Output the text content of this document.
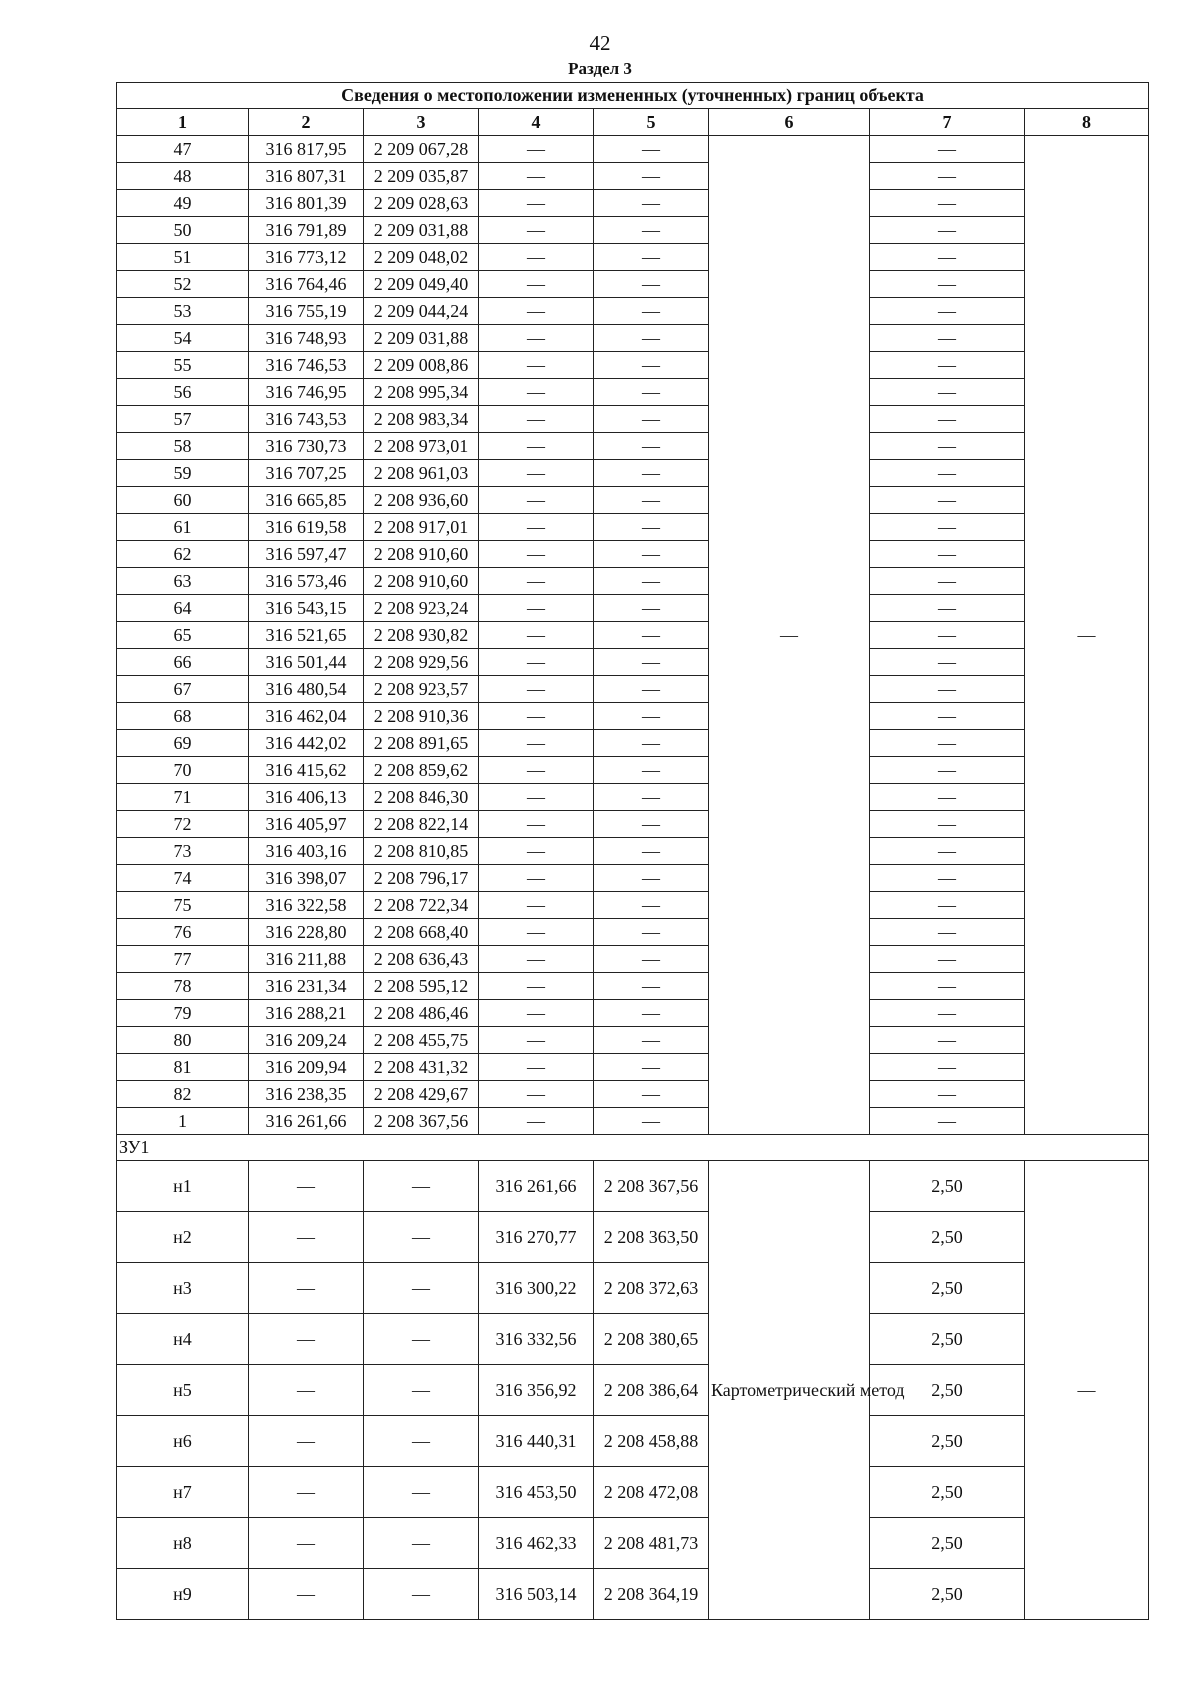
42
Раздел 3
Сведения о местоположении измененных (уточненных) границ объекта							
1	2	3	4	5	6	7	8
47	316 817,95	2 209 067,28	—	—	—	—	—
48	316 807,31	2 209 035,87	—	—		—	
49	316 801,39	2 209 028,63	—	—		—	
50	316 791,89	2 209 031,88	—	—		—	
51	316 773,12	2 209 048,02	—	—		—	
52	316 764,46	2 209 049,40	—	—		—	
53	316 755,19	2 209 044,24	—	—		—	
54	316 748,93	2 209 031,88	—	—		—	
55	316 746,53	2 209 008,86	—	—		—	
56	316 746,95	2 208 995,34	—	—		—	
57	316 743,53	2 208 983,34	—	—		—	
58	316 730,73	2 208 973,01	—	—		—	
59	316 707,25	2 208 961,03	—	—		—	
60	316 665,85	2 208 936,60	—	—		—	
61	316 619,58	2 208 917,01	—	—		—	
62	316 597,47	2 208 910,60	—	—		—	
63	316 573,46	2 208 910,60	—	—		—	
64	316 543,15	2 208 923,24	—	—		—	
65	316 521,65	2 208 930,82	—	—		—	
66	316 501,44	2 208 929,56	—	—		—	
67	316 480,54	2 208 923,57	—	—		—	
68	316 462,04	2 208 910,36	—	—		—	
69	316 442,02	2 208 891,65	—	—		—	
70	316 415,62	2 208 859,62	—	—		—	
71	316 406,13	2 208 846,30	—	—		—	
72	316 405,97	2 208 822,14	—	—		—	
73	316 403,16	2 208 810,85	—	—		—	
74	316 398,07	2 208 796,17	—	—		—	
75	316 322,58	2 208 722,34	—	—		—	
76	316 228,80	2 208 668,40	—	—		—	
77	316 211,88	2 208 636,43	—	—		—	
78	316 231,34	2 208 595,12	—	—		—	
79	316 288,21	2 208 486,46	—	—		—	
80	316 209,24	2 208 455,75	—	—		—	
81	316 209,94	2 208 431,32	—	—		—	
82	316 238,35	2 208 429,67	—	—		—	
1	316 261,66	2 208 367,56	—	—		—	
ЗУ1							
н1	—	—	316 261,66	2 208 367,56	Картометрический метод	2,50	—
н2	—	—	316 270,77	2 208 363,50		2,50	
н3	—	—	316 300,22	2 208 372,63		2,50	
н4	—	—	316 332,56	2 208 380,65		2,50	
н5	—	—	316 356,92	2 208 386,64		2,50	
н6	—	—	316 440,31	2 208 458,88		2,50	
н7	—	—	316 453,50	2 208 472,08		2,50	
н8	—	—	316 462,33	2 208 481,73		2,50	
н9	—	—	316 503,14	2 208 364,19		2,50	
